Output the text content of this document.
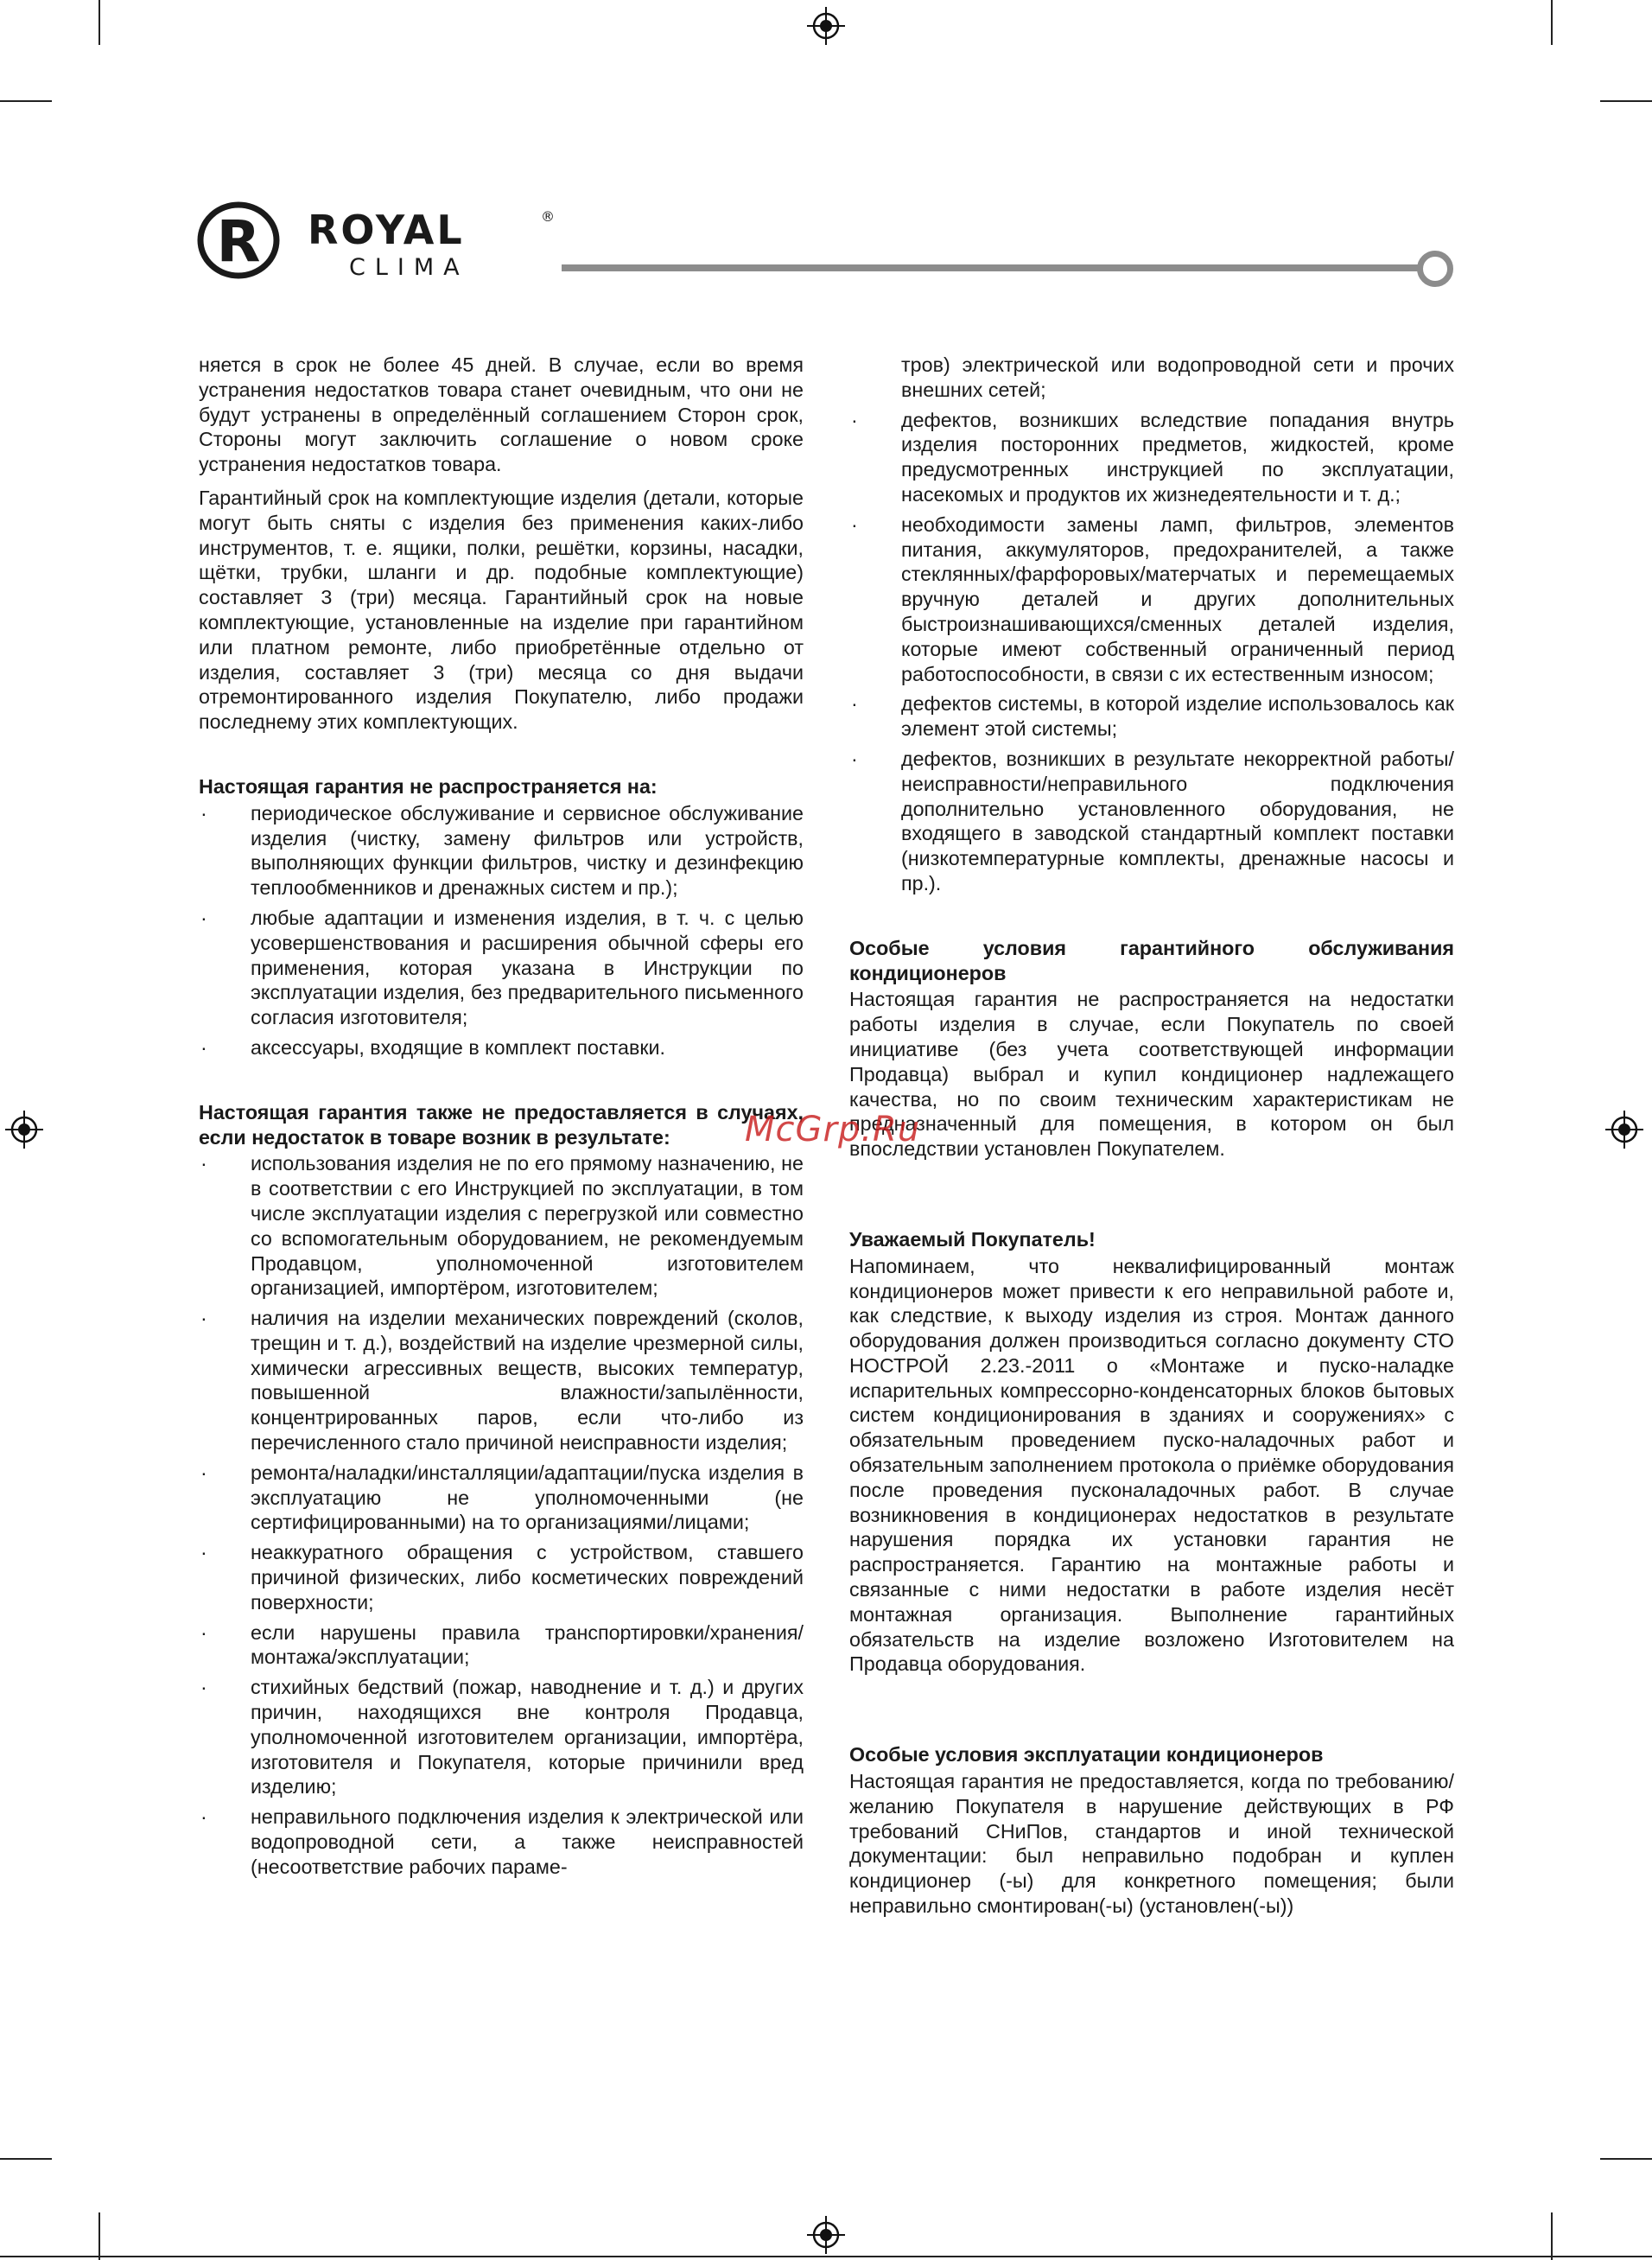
R ROYAL	®
CLIMA

няется в срок не более 45 дней. В случае, если во время устранения недостатков товара станет очевидным, что они не будут устранены в определённый соглашением Сторон срок, Стороны могут заключить соглашение о новом сроке устранения недостатков товара.

Гарантийный срок на комплектующие изделия (детали, которые могут быть сняты с изделия без применения каких-либо инструментов, т. е. ящики, полки, решётки, корзины, насадки, щётки, трубки, шланги и др. подобные комплектующие) составляет 3 (три) месяца. Гарантийный срок на новые комплектующие, установленные на изделие при гарантийном или платном ремонте, либо приобретённые отдельно от изделия, составляет 3 (три) месяца со дня выдачи отремонтированного изделия Покупателю, либо продажи последнему этих комплектующих.

Настоящая гарантия не распространяется на:
· периодическое обслуживание и сервисное обслуживание изделия (чистку, замену фильтров или устройств, выполняющих функции фильтров, чистку и дезинфекцию теплообменников и дренажных систем и пр.);
· любые адаптации и изменения изделия, в т. ч. с целью усовершенствования и расширения обычной сферы его применения, которая указана в Инструкции по эксплуатации изделия, без предварительного письменного согласия изготовителя;
· аксессуары, входящие в комплект поставки.
Настоящая гарантия также не предоставляется в случаях, если недостаток в товаре возник в результате:
· использования изделия не по его прямому назначению, не в соответствии с его Инструкцией по эксплуатации, в том числе эксплуатации изделия с перегрузкой или совместно со вспомогательным оборудованием, не рекомендуемым Продавцом, уполномоченной изготовителем организацией, импортёром, изготовителем;
· наличия на изделии механических повреждений (сколов, трещин и т. д.), воздействий на изделие чрезмерной силы, химически агрессивных веществ, высоких температур, повышенной влажности/запылённости, концентрированных паров, если что-либо из перечисленного стало причиной неисправности изделия;
· ремонта/наладки/инсталляции/адаптации/пуска изделия в эксплуатацию не уполномоченными (не сертифицированными) на то организациями/лицами;
· неаккуратного обращения с устройством, ставшего причиной физических, либо косметических повреждений поверхности;
· если нарушены правила транспортировки/хранения/монтажа/эксплуатации;
· стихийных бедствий (пожар, наводнение и т. д.) и других причин, находящихся вне контроля Продавца, уполномоченной изготовителем организации, импортёра, изготовителя и Покупателя, которые причинили вред изделию;
· неправильного подключения изделия к электрической или водопроводной сети, а также неисправностей (несоответствие рабочих параме-
тров) электрической или водопроводной сети и прочих внешних сетей;
· дефектов, возникших вследствие попадания внутрь изделия посторонних предметов, жидкостей, кроме предусмотренных инструкцией по эксплуатации, насекомых и продуктов их жизнедеятельности и т. д.;
· необходимости замены ламп, фильтров, элементов питания, аккумуляторов, предохранителей, а также стеклянных/фарфоровых/матерчатых и перемещаемых вручную деталей и других дополнительных быстроизнашивающихся/сменных деталей изделия, которые имеют собственный ограниченный период работоспособности, в связи с их естественным износом;
· дефектов системы, в которой изделие использовалось как элемент этой системы;
· дефектов, возникших в результате некорректной работы/неисправности/неправильного подключения дополнительно установленного оборудования, не входящего в заводской стандартный комплект поставки (низкотемпературные комплекты, дренажные насосы и пр.).
Особые условия гарантийного обслуживания кондиционеров

Настоящая гарантия не распространяется на недостатки работы изделия в случае, если Покупатель по своей инициативе (без учета соответствующей информации Продавца) выбрал и купил кондиционер надлежащего качества, но по своим техническим характеристикам не предназначенный для помещения, в котором он был впоследствии установлен Покупателем.

Уважаемый Покупатель!

Напоминаем, что неквалифицированный монтаж кондиционеров может привести к его неправильной работе и, как следствие, к выходу изделия из строя. Монтаж данного оборудования должен производиться согласно документу СТО НОСТРОЙ 2.23.-2011 о «Монтаже и пуско-наладке испарительных компрессорно-конденсаторных блоков бытовых систем кондиционирования в зданиях и сооружениях» с обязательным проведением пуско-наладочных работ и обязательным заполнением протокола о приёмке оборудования после проведения пусконаладочных работ. В случае возникновения в кондиционерах недостатков в результате нарушения порядка их установки гарантия не распространяется. Гарантию на монтажные работы и связанные с ними недостатки в работе изделия несёт монтажная организация. Выполнение гарантийных обязательств на изделие возложено Изготовителем на Продавца оборудования.

Особые условия эксплуатации кондиционеров

Настоящая гарантия не предоставляется, когда по требованию/желанию Покупателя в нарушение действующих в РФ требований СНиПов, стандартов и иной технической документации: был неправильно подобран и куплен кондиционер (-ы) для конкретного помещения; были неправильно смонтирован(-ы) (установлен(-ы))

McGrp.Ru
